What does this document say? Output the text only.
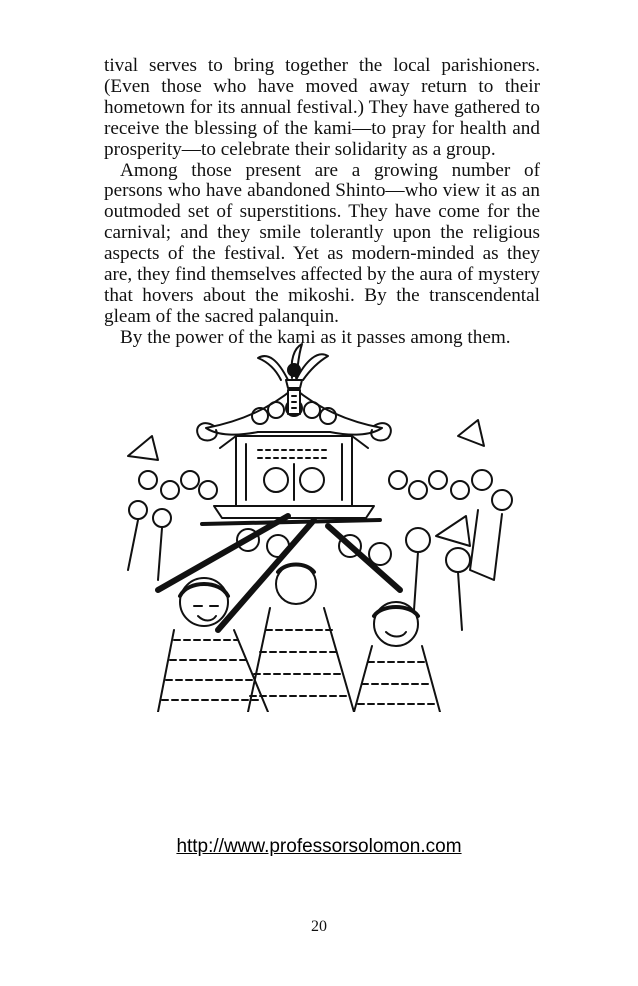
tival serves to bring together the local parishioners. (Even those who have moved away return to their hometown for its annual festival.) They have gathered to receive the blessing of the kami—to pray for health and prosperity—to celebrate their solidarity as a group.

Among those present are a growing number of persons who have abandoned Shinto—who view it as an outmoded set of superstitions. They have come for the carnival; and they smile tolerantly upon the religious aspects of the festival. Yet as modern-minded as they are, they find themselves affected by the aura of mystery that hovers about the mikoshi. By the transcendental gleam of the sacred palanquin.

By the power of the kami as it passes among them.

http://www.professorsolomon.com
20
